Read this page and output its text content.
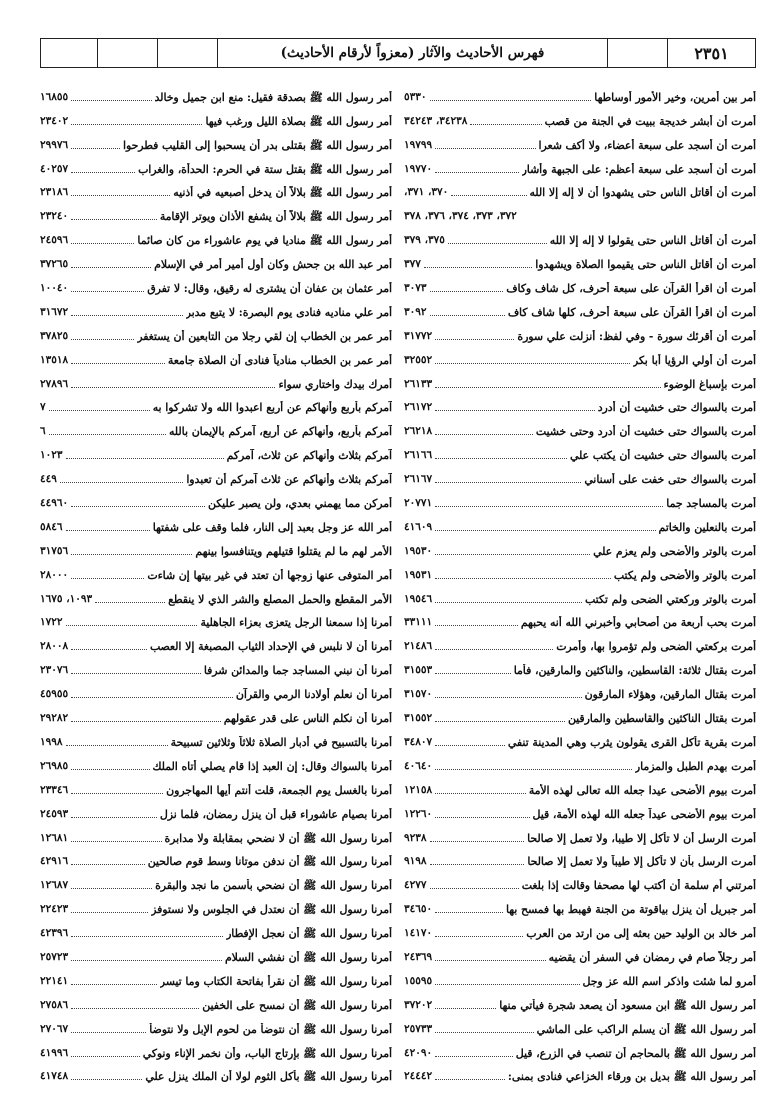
٢٣٥١
فهرس الأحاديث والآثار (معزواً لأرقام الأحاديث)
أمر بين أمرين، وخير الأمور أوساطها
٥٣٣٠
أمرت أن أبشر خديجة ببيت في الجنة من قصب
٣٤٢٣٨، ٣٤٢٤٣
أمرت أن أسجد على سبعة أعضاء، ولا أكف شعرا
١٩٧٩٩
أمرت أن أسجد على سبعة أعظم: على الجبهة وأشار
١٩٧٧٠
أمرت أن أقاتل الناس حتى يشهدوا أن لا إله إلا الله
٣٧٠، ٣٧١،
٣٧٢، ٣٧٣، ٣٧٤، ٣٧٦، ٣٧٨
أمرت أن أقاتل الناس حتى يقولوا لا إله إلا الله
٣٧٥، ٣٧٩
أمرت أن أقاتل الناس حتى يقيموا الصلاة ويشهدوا
٣٧٧
أمرت أن اقرأ القرآن على سبعة أحرف، كل شاف وكاف
٣٠٧٣
أمرت أن اقرأ القرآن على سبعة أحرف، كلها شاف كاف
٣٠٩٢
أمرت أن أقرئك سورة - وفي لفظ: أنزلت علي سورة
٣١٧٧٢
أمرت أن أولي الرؤيا أبا بكر
٣٢٥٥٢
أمرت بإسباغ الوضوء
٢٦١٣٣
أمرت بالسواك حتى خشيت أن أدرد
٢٦١٧٢
أمرت بالسواك حتى خشيت أن أدرد وحتى خشيت
٢٦٢١٨
أمرت بالسواك حتى خشيت أن يكتب علي
٢٦١٦٦
أمرت بالسواك حتى خفت على أسناني
٢٦١٦٧
أمرت بالمساجد جما
٢٠٧٧١
أمرت بالنعلين والخاتم
٤١٦٠٩
أمرت بالوتر والأضحى ولم يعزم علي
١٩٥٣٠
أمرت بالوتر والأضحى ولم يكتب
١٩٥٣١
أمرت بالوتر وركعتي الضحى ولم تكتب
١٩٥٤٦
أمرت بحب أربعة من أصحابي وأخبرني الله أنه يحبهم
٣٣١١١
أمرت بركعتي الضحى ولم تؤمروا بها، وأمرت
٢١٤٨٦
أمرت بقتال ثلاثة: القاسطين، والناكثين والمارقين، فأما
٣١٥٥٣
أمرت بقتال المارقين، وهؤلاء المارقون
٣١٥٧٠
أمرت بقتال الناكثين والقاسطين والمارقين
٣١٥٥٢
أمرت بقرية تأكل القرى يقولون يثرب وهي المدينة تنفي
٣٤٨٠٧
أمرت بهدم الطبل والمزمار
٤٠٦٤٠
أمرت بيوم الأضحى عيدا جعله الله تعالى لهذه الأمة
١٢١٥٨
أمرت بيوم الأضحى عيداً جعله الله لهذه الأمة، قيل
١٢٢٦٠
أمرت الرسل أن لا تأكل إلا طيبا، ولا تعمل إلا صالحا
٩٢٣٨
أمرت الرسل بأن لا تأكل إلا طيباً ولا تعمل إلا صالحا
٩١٩٨
أمرتني أم سلمة أن أكتب لها مصحفا وقالت إذا بلغت
٤٢٧٧
أمر جبريل أن ينزل بياقوتة من الجنة فهبط بها فمسح بها
٣٤٦٥٠
أمر خالد بن الوليد حين بعثه إلى من ارتد من العرب
١٤١٧٠
أمر رجلاً صام في رمضان في السفر أن يقضيه
٢٤٣٦٩
أمرو لما شئت واذكر اسم الله عز وجل
١٥٥٩٥
أمر رسول الله ﷺ ابن مسعود أن يصعد شجرة فيأتي منها
٣٧٢٠٢
أمر رسول الله ﷺ أن يسلم الراكب على الماشي
٢٥٧٣٣
أمر رسول الله ﷺ بالمحاجم أن تنصب في الزرع، قيل
٤٢٠٩٠
أمر رسول الله ﷺ بديل بن ورقاء الخزاعي فنادى بمنى:
٢٤٤٤٢
أمر رسول الله ﷺ بصدقة فقيل: منع ابن جميل وخالد
١٦٨٥٥
أمر رسول الله ﷺ بصلاة الليل ورغب فيها
٢٣٤٠٢
أمر رسول الله ﷺ بقتلى بدر أن يسحبوا إلى القليب فطرحوا
٢٩٩٧٦
أمر رسول الله ﷺ بقتل ستة في الحرم: الحدأة، والغراب
٤٠٢٥٧
أمر رسول الله ﷺ بلالاً أن يدخل أصبعيه في أذنيه
٢٣١٨٦
أمر رسول الله ﷺ بلالاً أن يشفع الأذان ويوتر الإقامة
٢٣٢٤٠
أمر رسول الله ﷺ مناديا في يوم عاشوراء من كان صائما
٢٤٥٩٦
أمر عبد الله بن جحش وكان أول أمير أمر في الإسلام
٣٧٢٦٥
أمر عثمان بن عفان أن يشترى له رقيق، وقال: لا تفرق
١٠٠٤٠
أمر علي مناديه فنادى يوم البصرة: لا يتبع مدبر
٣١٦٧٢
أمر عمر بن الخطاب إن لقي رجلا من التابعين أن يستغفر
٣٧٨٢٥
أمر عمر بن الخطاب منادياً فنادى أن الصلاة جامعة
١٣٥١٨
أمرك بيدك واختاري سواء
٢٧٨٩٦
آمركم بأربع وأنهاكم عن أربع اعبدوا الله ولا تشركوا به
٧
آمركم بأربع، وأنهاكم عن أربع، آمركم بالإيمان بالله
٦
آمركم بثلاث وأنهاكم عن ثلاث، آمركم
١٠٢٣
آمركم بثلاث وأنهاكم عن ثلاث آمركم أن تعبدوا
٤٤٩
أمركن مما يهمني بعدي، ولن يصبر عليكن
٤٤٩٦٠
أمر الله عز وجل بعبد إلى النار، فلما وقف على شفتها
٥٨٤٦
الأمر لهم ما لم يقتلوا قتيلهم ويتنافسوا بينهم
٣١٧٥٦
أمر المتوفى عنها زوجها أن تعتد في غير بيتها إن شاءت
٢٨٠٠٠
الأمر المقطع والحمل المصلع والشر الذي لا ينقطع
١٠٩٣، ١٦٧٥
أمرنا إذا سمعنا الرجل يتعزى بعزاء الجاهلية
١٧٢٢
أمرنا أن لا نلبس في الإحداد الثياب المصبغة إلا العصب
٢٨٠٠٨
أمرنا أن نبني المساجد جما والمدائن شرفا
٢٣٠٧٦
أمرنا أن نعلم أولادنا الرمي والقرآن
٤٥٩٥٥
أمرنا أن نكلم الناس على قدر عقولهم
٢٩٢٨٢
أمرنا بالتسبيح في أدبار الصلاة ثلاثاً وثلاثين تسبيحة
١٩٩٨
أمرنا بالسواك وقال: إن العبد إذا قام يصلي أتاه الملك
٢٦٩٨٥
أمرنا بالغسل يوم الجمعة، قلت أنتم أيها المهاجرون
٢٣٣٤٦
أمرنا بصيام عاشوراء قبل أن ينزل رمضان، فلما نزل
٢٤٥٩٣
أمرنا رسول الله ﷺ أن لا نضحي بمقابلة ولا مدابرة
١٢٦٨١
أمرنا رسول الله ﷺ أن ندفن موتانا وسط قوم صالحين
٤٢٩١٦
أمرنا رسول الله ﷺ أن نضحي بأسمن ما نجد والبقرة
١٢٦٨٧
أمرنا رسول الله ﷺ أن نعتدل في الجلوس ولا نستوفز
٢٢٤٢٣
أمرنا رسول الله ﷺ أن نعجل الإفطار
٤٢٣٩٦
أمرنا رسول الله ﷺ أن نفشي السلام
٢٥٧٢٣
أمرنا رسول الله ﷺ أن نقرأ بفاتحة الكتاب وما تيسر
٢٢١٤١
أمرنا رسول الله ﷺ أن نمسح على الخفين
٢٧٥٨٦
أمرنا رسول الله ﷺ أن نتوضأ من لحوم الإبل ولا نتوضأ
٢٧٠٦٧
أمرنا رسول الله ﷺ بإرتاج الباب، وأن نخمر الإناء ونوكي
٤١٩٩٦
أمرنا رسول الله ﷺ بأكل الثوم لولا أن الملك ينزل علي
٤١٧٤٨
